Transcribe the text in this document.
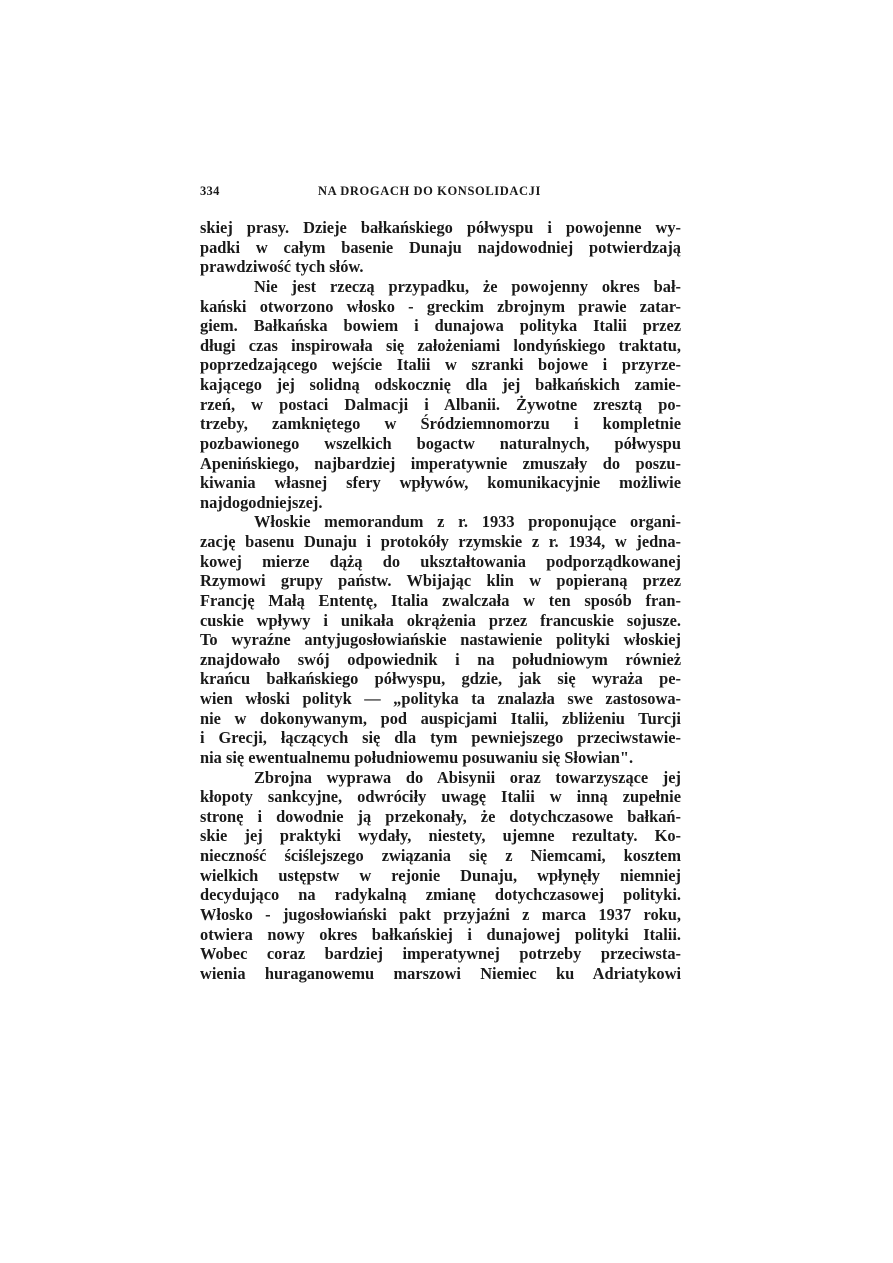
334	NA DROGACH DO KONSOLIDACJI
skiej prasy. Dzieje bałkańskiego półwyspu i powojenne wy-
padki w całym basenie Dunaju najdowodniej potwierdzają
prawdziwość tych słów.
Nie jest rzeczą przypadku, że powojenny okres bał-
kański otworzono włosko - greckim zbrojnym prawie zatar-
giem. Bałkańska bowiem i dunajowa polityka Italii przez
długi czas inspirowała się założeniami londyńskiego traktatu,
poprzedzającego wejście Italii w szranki bojowe i przyrze-
kającego jej solidną odskocznię dla jej bałkańskich zamie-
rzeń, w postaci Dalmacji i Albanii. Żywotne zresztą po-
trzeby, zamkniętego w Śródziemnomorzu i kompletnie
pozbawionego wszelkich bogactw naturalnych, półwyspu
Apenińskiego, najbardziej imperatywnie zmuszały do poszu-
kiwania własnej sfery wpływów, komunikacyjnie możliwie
najdogodniejszej.
Włoskie memorandum z r. 1933 proponujące organi-
zację basenu Dunaju i protokóły rzymskie z r. 1934, w jedna-
kowej mierze dążą do ukształtowania podporządkowanej
Rzymowi grupy państw. Wbijając klin w popieraną przez
Francję Małą Ententę, Italia zwalczała w ten sposób fran-
cuskie wpływy i unikała okrążenia przez francuskie sojusze.
To wyraźne antyjugosłowiańskie nastawienie polityki włoskiej
znajdowało swój odpowiednik i na południowym również
krańcu bałkańskiego półwyspu, gdzie, jak się wyraża pe-
wien włoski polityk — „polityka ta znalazła swe zastosowa-
nie w dokonywanym, pod auspicjami Italii, zbliżeniu Turcji
i Grecji, łączących się dla tym pewniejszego przeciwstawie-
nia się ewentualnemu południowemu posuwaniu się Słowian".
Zbrojna wyprawa do Abisynii oraz towarzyszące jej
kłopoty sankcyjne, odwróciły uwagę Italii w inną zupełnie
stronę i dowodnie ją przekonały, że dotychczasowe bałkań-
skie jej praktyki wydały, niestety, ujemne rezultaty. Ko-
nieczność ściślejszego związania się z Niemcami, kosztem
wielkich ustępstw w rejonie Dunaju, wpłynęły niemniej
decydująco na radykalną zmianę dotychczasowej polityki.
Włosko - jugosłowiański pakt przyjaźni z marca 1937 roku,
otwiera nowy okres bałkańskiej i dunajowej polityki Italii.
Wobec coraz bardziej imperatywnej potrzeby przeciwsta-
wienia huraganowemu marszowi Niemiec ku Adriatykowi
